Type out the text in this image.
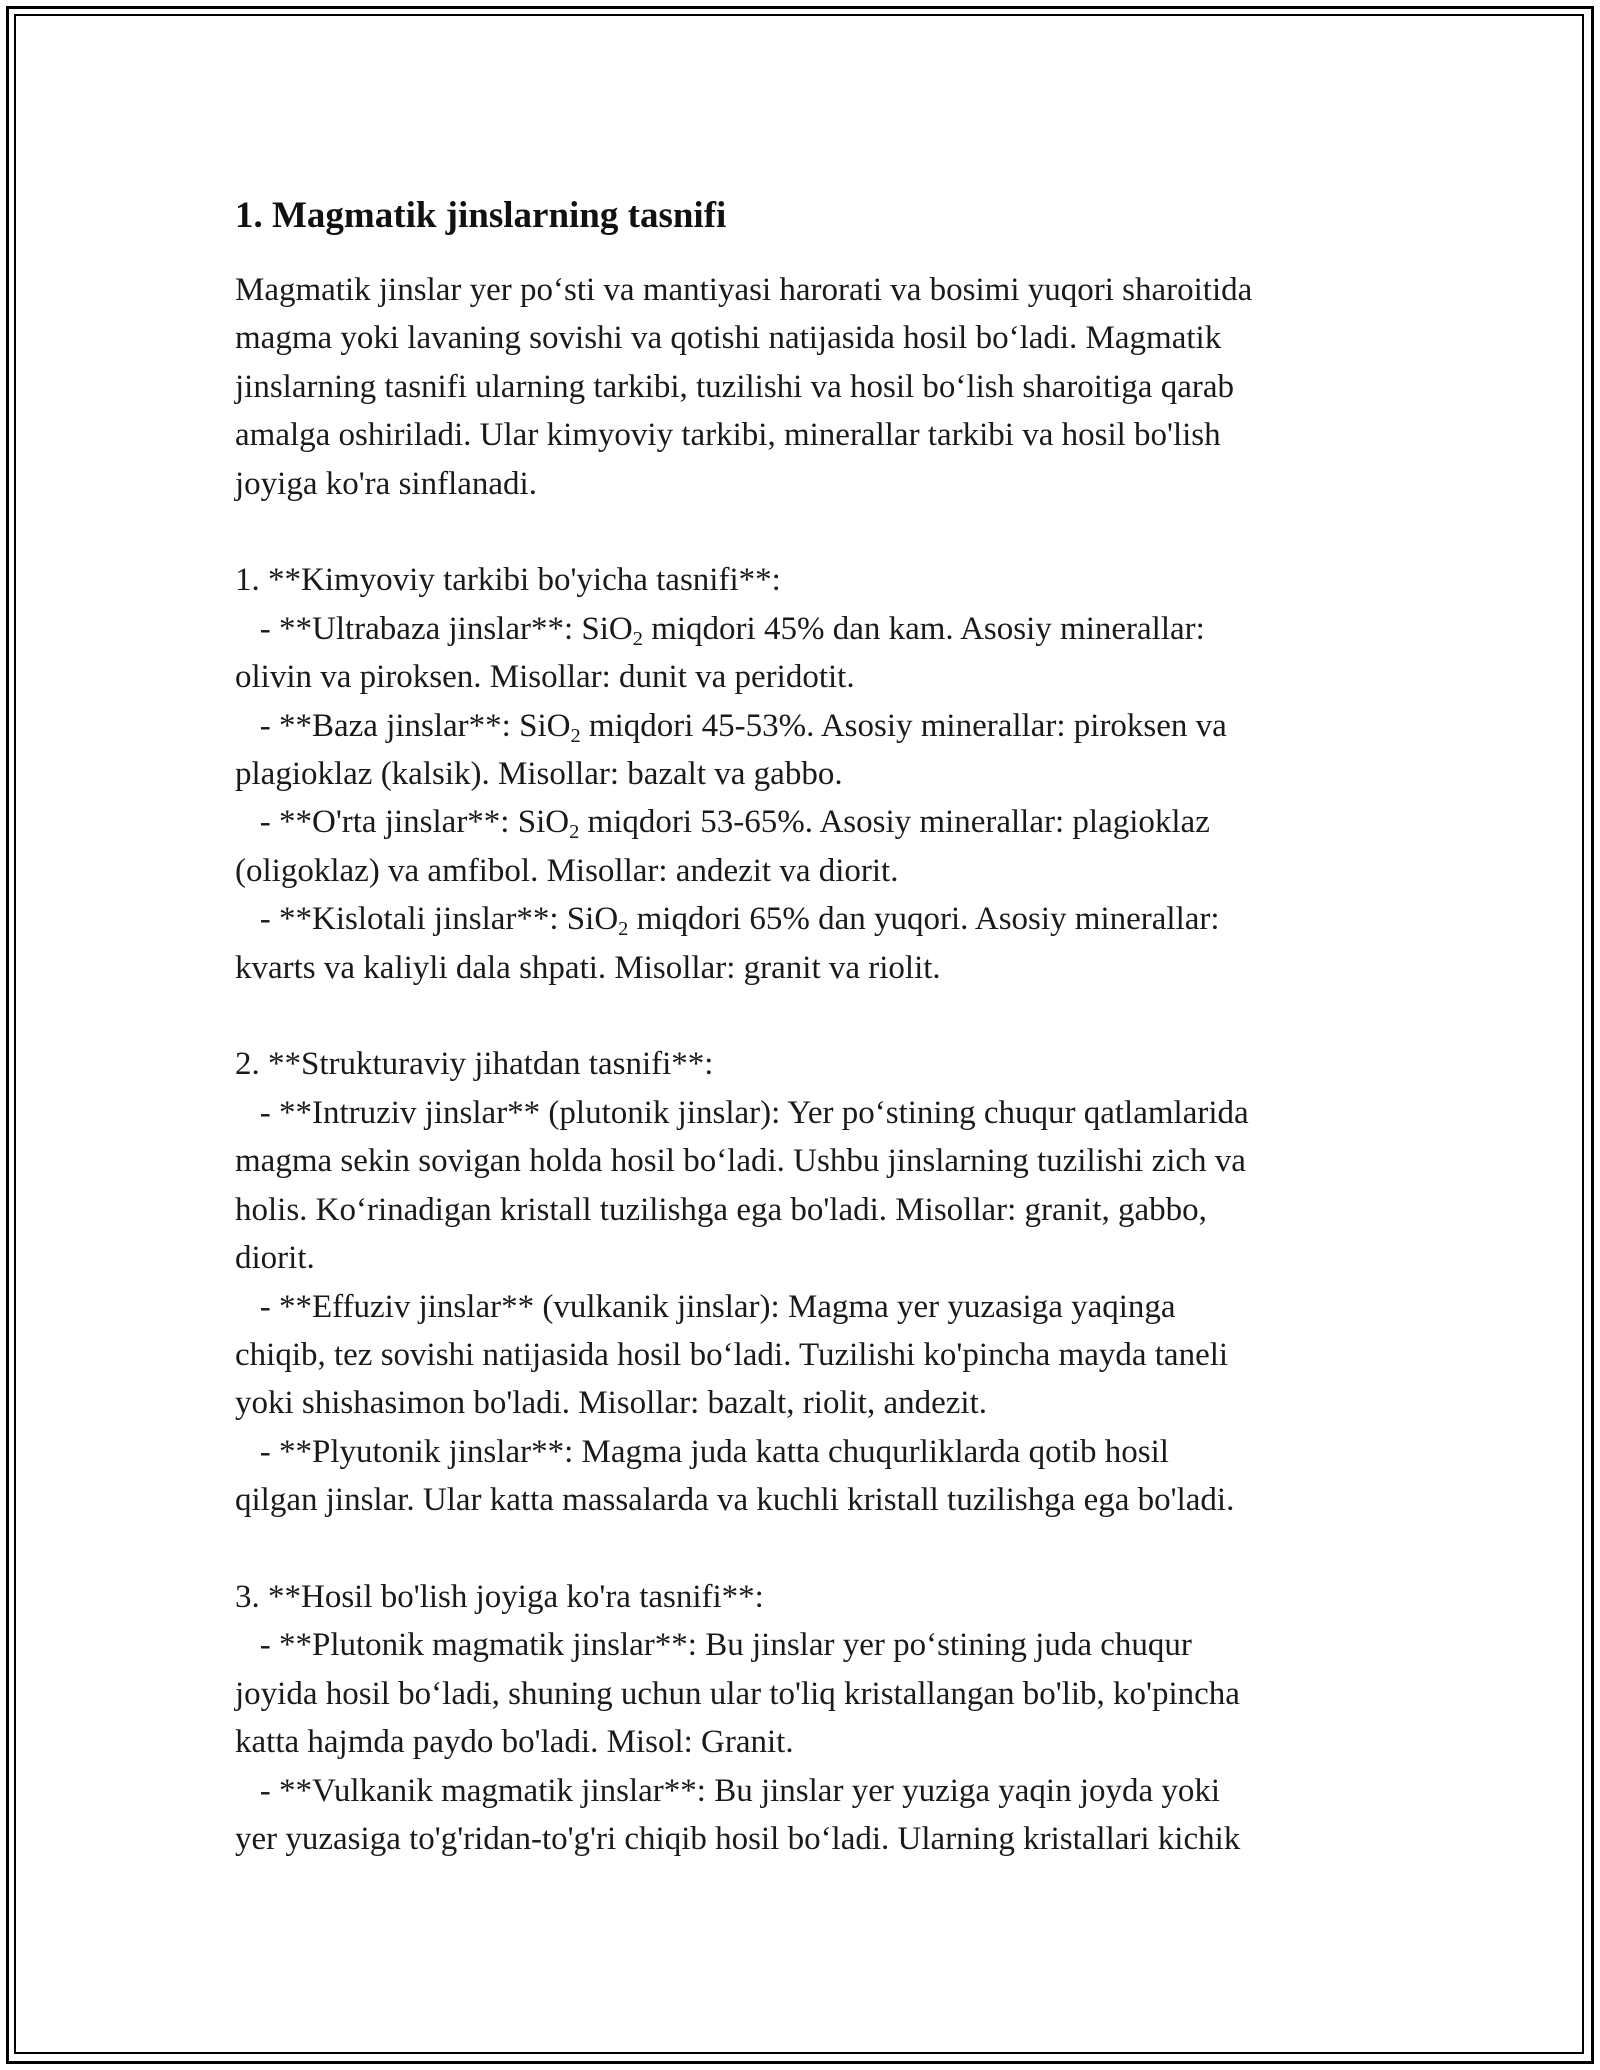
1. Magmatik jinslarning tasnifi
Magmatik jinslar yer po‘sti va mantiyasi harorati va bosimi yuqori sharoitida
magma yoki lavaning sovishi va qotishi natijasida hosil bo‘ladi. Magmatik
jinslarning tasnifi ularning tarkibi, tuzilishi va hosil bo‘lish sharoitiga qarab
amalga oshiriladi. Ular kimyoviy tarkibi, minerallar tarkibi va hosil bo'lish
joyiga ko'ra sinflanadi.
1. **Kimyoviy tarkibi bo'yicha tasnifi**:
- **Ultrabaza jinslar**: SiO$_2$ miqdori 45% dan kam. Asosiy minerallar:
olivin va piroksen. Misollar: dunit va peridotit.
- **Baza jinslar**: SiO$_2$ miqdori 45-53%. Asosiy minerallar: piroksen va
plagioklaz (kalsik). Misollar: bazalt va gabbo.
- **O'rta jinslar**: SiO$_2$ miqdori 53-65%. Asosiy minerallar: plagioklaz
(oligoklaz) va amfibol. Misollar: andezit va diorit.
- **Kislotali jinslar**: SiO$_2$ miqdori 65% dan yuqori. Asosiy minerallar:
kvarts va kaliyli dala shpati. Misollar: granit va riolit.
2. **Strukturaviy jihatdan tasnifi**:
- **Intruziv jinslar** (plutonik jinslar): Yer po‘stining chuqur qatlamlarida
magma sekin sovigan holda hosil bo‘ladi. Ushbu jinslarning tuzilishi zich va
holis. Ko‘rinadigan kristall tuzilishga ega bo'ladi. Misollar: granit, gabbo,
diorit.
- **Effuziv jinslar** (vulkanik jinslar): Magma yer yuzasiga yaqinga
chiqib, tez sovishi natijasida hosil bo‘ladi. Tuzilishi ko'pincha mayda taneli
yoki shishasimon bo'ladi. Misollar: bazalt, riolit, andezit.
- **Plyutonik jinslar**: Magma juda katta chuqurliklarda qotib hosil
qilgan jinslar. Ular katta massalarda va kuchli kristall tuzilishga ega bo'ladi.
3. **Hosil bo'lish joyiga ko'ra tasnifi**:
- **Plutonik magmatik jinslar**: Bu jinslar yer po‘stining juda chuqur
joyida hosil bo‘ladi, shuning uchun ular to'liq kristallangan bo'lib, ko'pincha
katta hajmda paydo bo'ladi. Misol: Granit.
- **Vulkanik magmatik jinslar**: Bu jinslar yer yuziga yaqin joyda yoki
yer yuzasiga to'g'ridan-to'g'ri chiqib hosil bo‘ladi. Ularning kristallari kichik
